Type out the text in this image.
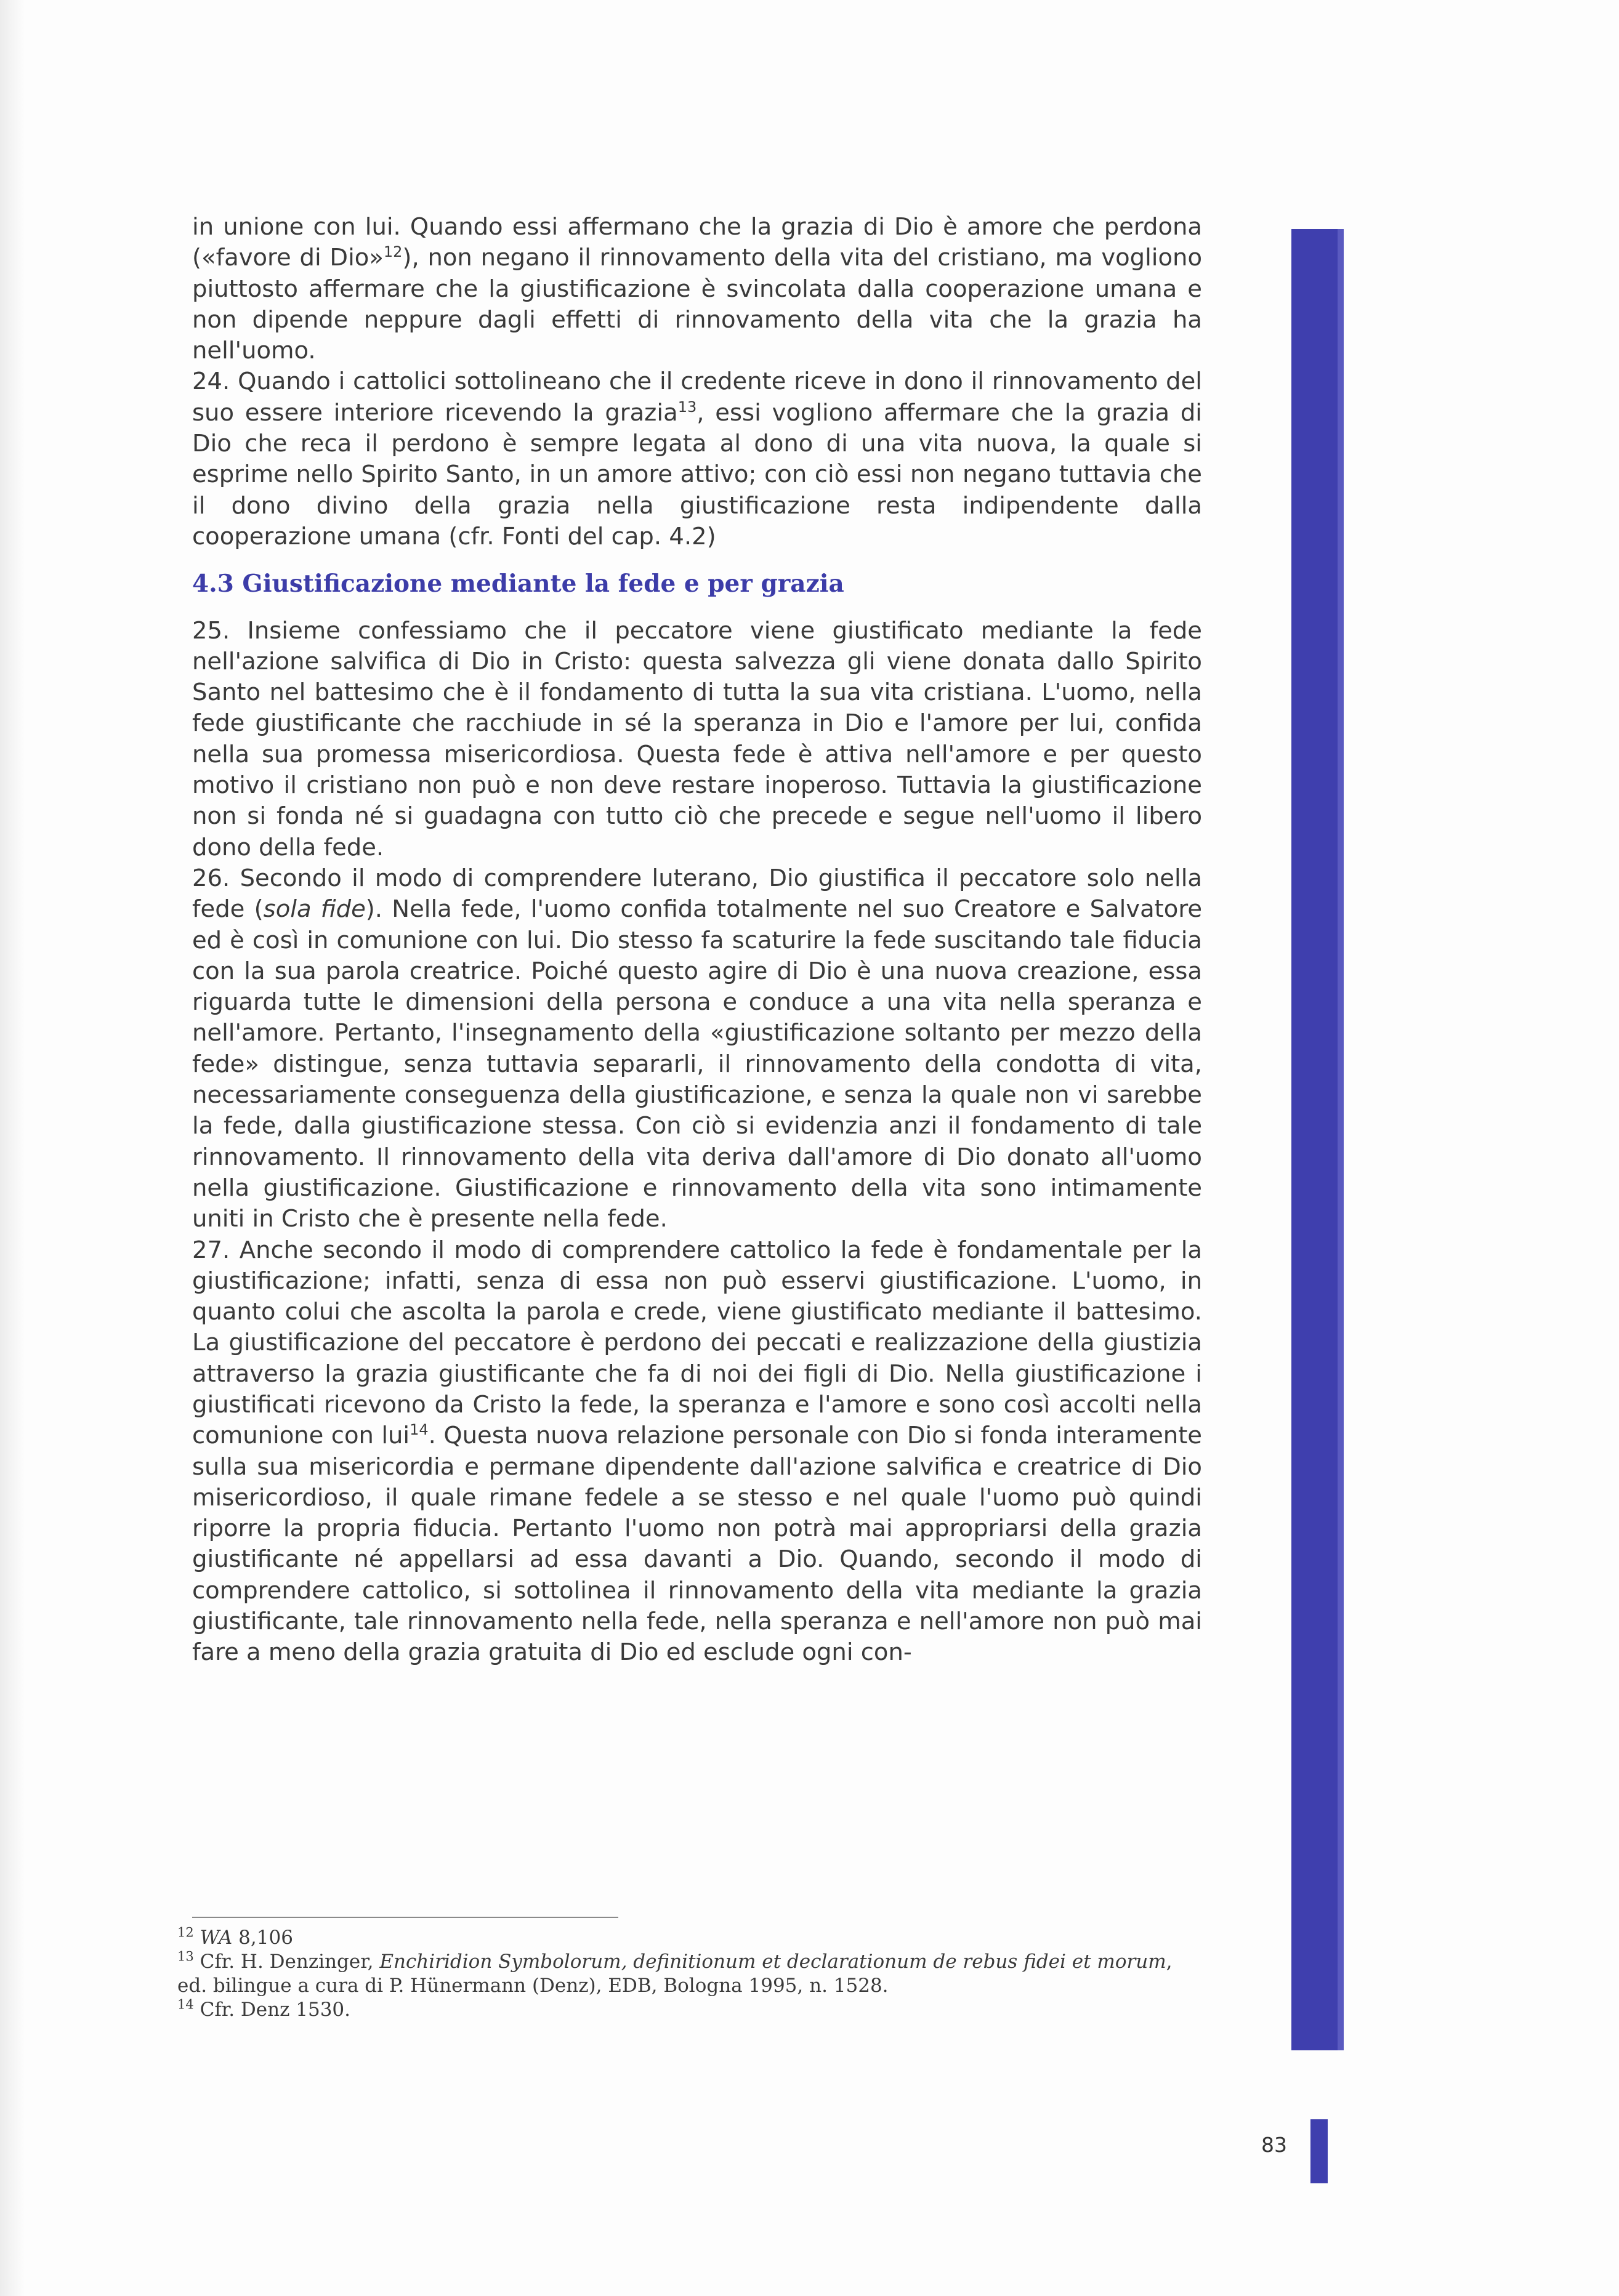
in unione con lui. Quando essi affermano che la grazia di Dio è amore che perdona («favore di Dio»$^{12}$), non negano il rinnovamento della vita del cristiano, ma vogliono piuttosto affermare che la giustificazione è svincolata dalla cooperazione umana e non dipende neppure dagli effetti di rinnovamento della vita che la grazia ha nell'uomo.

24. Quando i cattolici sottolineano che il credente riceve in dono il rinnovamento del suo essere interiore ricevendo la grazia$^{13}$, essi vogliono affermare che la grazia di Dio che reca il perdono è sempre legata al dono di una vita nuova, la quale si esprime nello Spirito Santo, in un amore attivo; con ciò essi non negano tuttavia che il dono divino della grazia nella giustificazione resta indipendente dalla cooperazione umana (cfr. Fonti del cap. 4.2)

4.3 Giustificazione mediante la fede e per grazia

25. Insieme confessiamo che il peccatore viene giustificato mediante la fede nell'azione salvifica di Dio in Cristo: questa salvezza gli viene donata dallo Spirito Santo nel battesimo che è il fondamento di tutta la sua vita cristiana. L'uomo, nella fede giustificante che racchiude in sé la speranza in Dio e l'amore per lui, confida nella sua promessa misericordiosa. Questa fede è attiva nell'amore e per questo motivo il cristiano non può e non deve restare inoperoso. Tuttavia la giustificazione non si fonda né si guadagna con tutto ciò che precede e segue nell'uomo il libero dono della fede.

26. Secondo il modo di comprendere luterano, Dio giustifica il peccatore solo nella fede (sola fide). Nella fede, l'uomo confida totalmente nel suo Creatore e Salvatore ed è così in comunione con lui. Dio stesso fa scaturire la fede suscitando tale fiducia con la sua parola creatrice. Poiché questo agire di Dio è una nuova creazione, essa riguarda tutte le dimensioni della persona e conduce a una vita nella speranza e nell'amore. Pertanto, l'insegnamento della «giustificazione soltanto per mezzo della fede» distingue, senza tuttavia separarli, il rinnovamento della condotta di vita, necessariamente conseguenza della giustificazione, e senza la quale non vi sarebbe la fede, dalla giustificazione stessa. Con ciò si evidenzia anzi il fondamento di tale rinnovamento. Il rinnovamento della vita deriva dall'amore di Dio donato all'uomo nella giustificazione. Giustificazione e rinnovamento della vita sono intimamente uniti in Cristo che è presente nella fede.

27. Anche secondo il modo di comprendere cattolico la fede è fondamentale per la giustificazione; infatti, senza di essa non può esservi giustificazione. L'uomo, in quanto colui che ascolta la parola e crede, viene giustificato mediante il battesimo. La giustificazione del peccatore è perdono dei peccati e realizzazione della giustizia attraverso la grazia giustificante che fa di noi dei figli di Dio. Nella giustificazione i giustificati ricevono da Cristo la fede, la speranza e l'amore e sono così accolti nella comunione con lui$^{14}$. Questa nuova relazione personale con Dio si fonda interamente sulla sua misericordia e permane dipendente dall'azione salvifica e creatrice di Dio misericordioso, il quale rimane fedele a se stesso e nel quale l'uomo può quindi riporre la propria fiducia. Pertanto l'uomo non potrà mai appropriarsi della grazia giustificante né appellarsi ad essa davanti a Dio. Quando, secondo il modo di comprendere cattolico, si sottolinea il rinnovamento della vita mediante la grazia giustificante, tale rinnovamento nella fede, nella speranza e nell'amore non può mai fare a meno della grazia gratuita di Dio ed esclude ogni con-

$^{12}$ WA 8,106

$^{13}$ Cfr. H. Denzinger, Enchiridion Symbolorum, definitionum et declarationum de rebus fidei et morum, ed. bilingue a cura di P. Hünermann (Denz), EDB, Bologna 1995, n. 1528.

$^{14}$ Cfr. Denz 1530.

83
